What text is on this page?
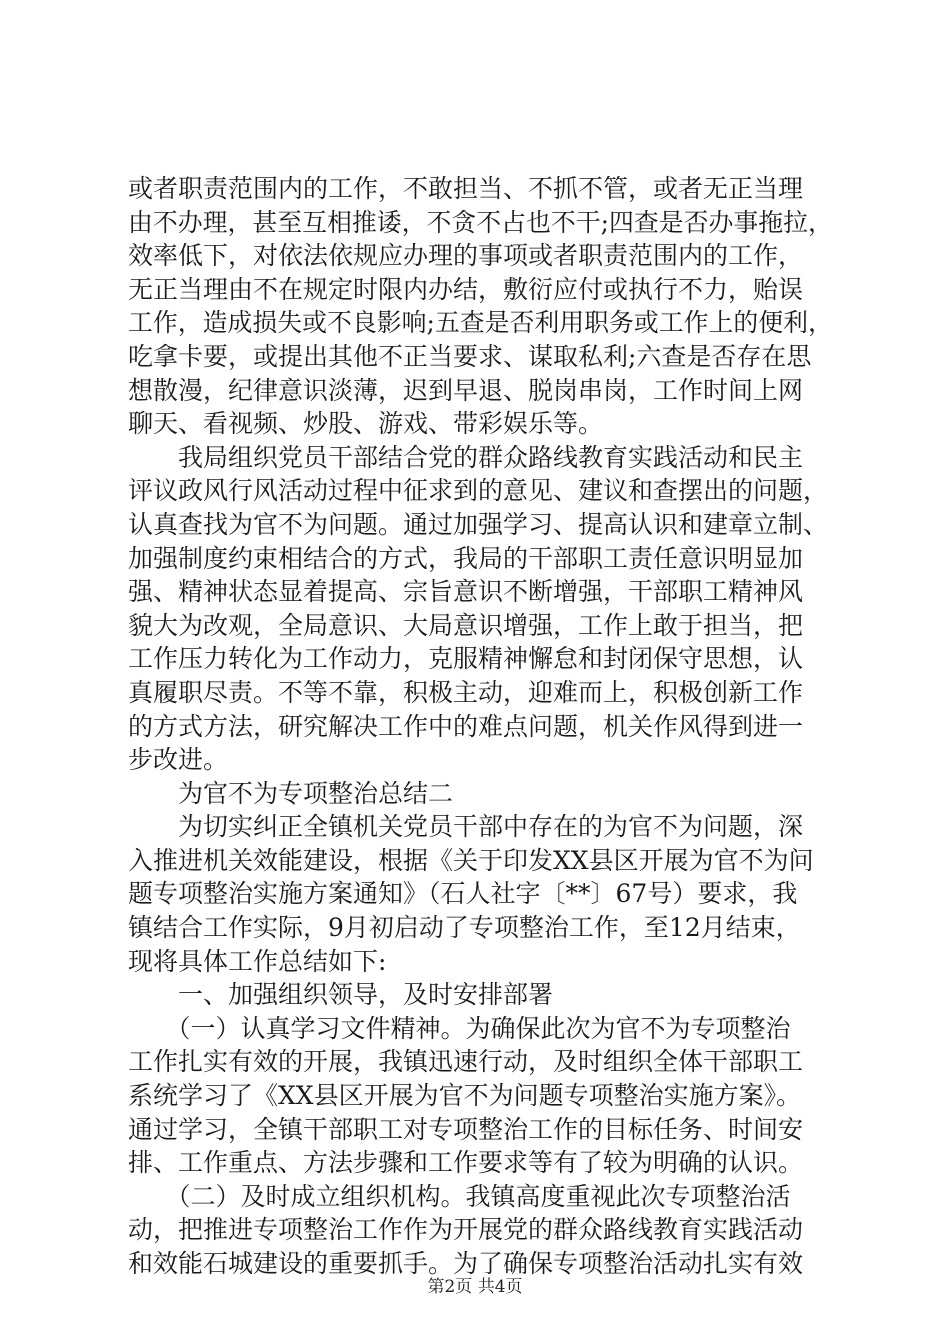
或者职责范围内的工作，不敢担当、不抓不管，或者无正当理
由不办理，甚至互相推诿，不贪不占也不干;四查是否办事拖拉，
效率低下，对依法依规应办理的事项或者职责范围内的工作，
无正当理由不在规定时限内办结，敷衍应付或执行不力，贻误
工作，造成损失或不良影响;五查是否利用职务或工作上的便利，
吃拿卡要，或提出其他不正当要求、谋取私利;六查是否存在思
想散漫，纪律意识淡薄，迟到早退、脱岗串岗，工作时间上网
聊天、看视频、炒股、游戏、带彩娱乐等。
　　我局组织党员干部结合党的群众路线教育实践活动和民主
评议政风行风活动过程中征求到的意见、建议和查摆出的问题，
认真查找为官不为问题。通过加强学习、提高认识和建章立制、
加强制度约束相结合的方式，我局的干部职工责任意识明显加
强、精神状态显着提高、宗旨意识不断增强，干部职工精神风
貌大为改观，全局意识、大局意识增强，工作上敢于担当，把
工作压力转化为工作动力，克服精神懈怠和封闭保守思想，认
真履职尽责。不等不靠，积极主动，迎难而上，积极创新工作
的方式方法，研究解决工作中的难点问题，机关作风得到进一
步改进。
　　为官不为专项整治总结二
　　为切实纠正全镇机关党员干部中存在的为官不为问题，深
入推进机关效能建设，根据《关于印发XX县区开展为官不为问
题专项整治实施方案通知》（石人社字〔**〕67号）要求，我
镇结合工作实际，9月初启动了专项整治工作，至12月结束，
现将具体工作总结如下:
　　一、加强组织领导，及时安排部署
　　（一）认真学习文件精神。为确保此次为官不为专项整治
工作扎实有效的开展，我镇迅速行动，及时组织全体干部职工
系统学习了《XX县区开展为官不为问题专项整治实施方案》。
通过学习，全镇干部职工对专项整治工作的目标任务、时间安
排、工作重点、方法步骤和工作要求等有了较为明确的认识。
　　（二）及时成立组织机构。我镇高度重视此次专项整治活
动，把推进专项整治工作作为开展党的群众路线教育实践活动
和效能石城建设的重要抓手。为了确保专项整治活动扎实有效
第2页 共4页
